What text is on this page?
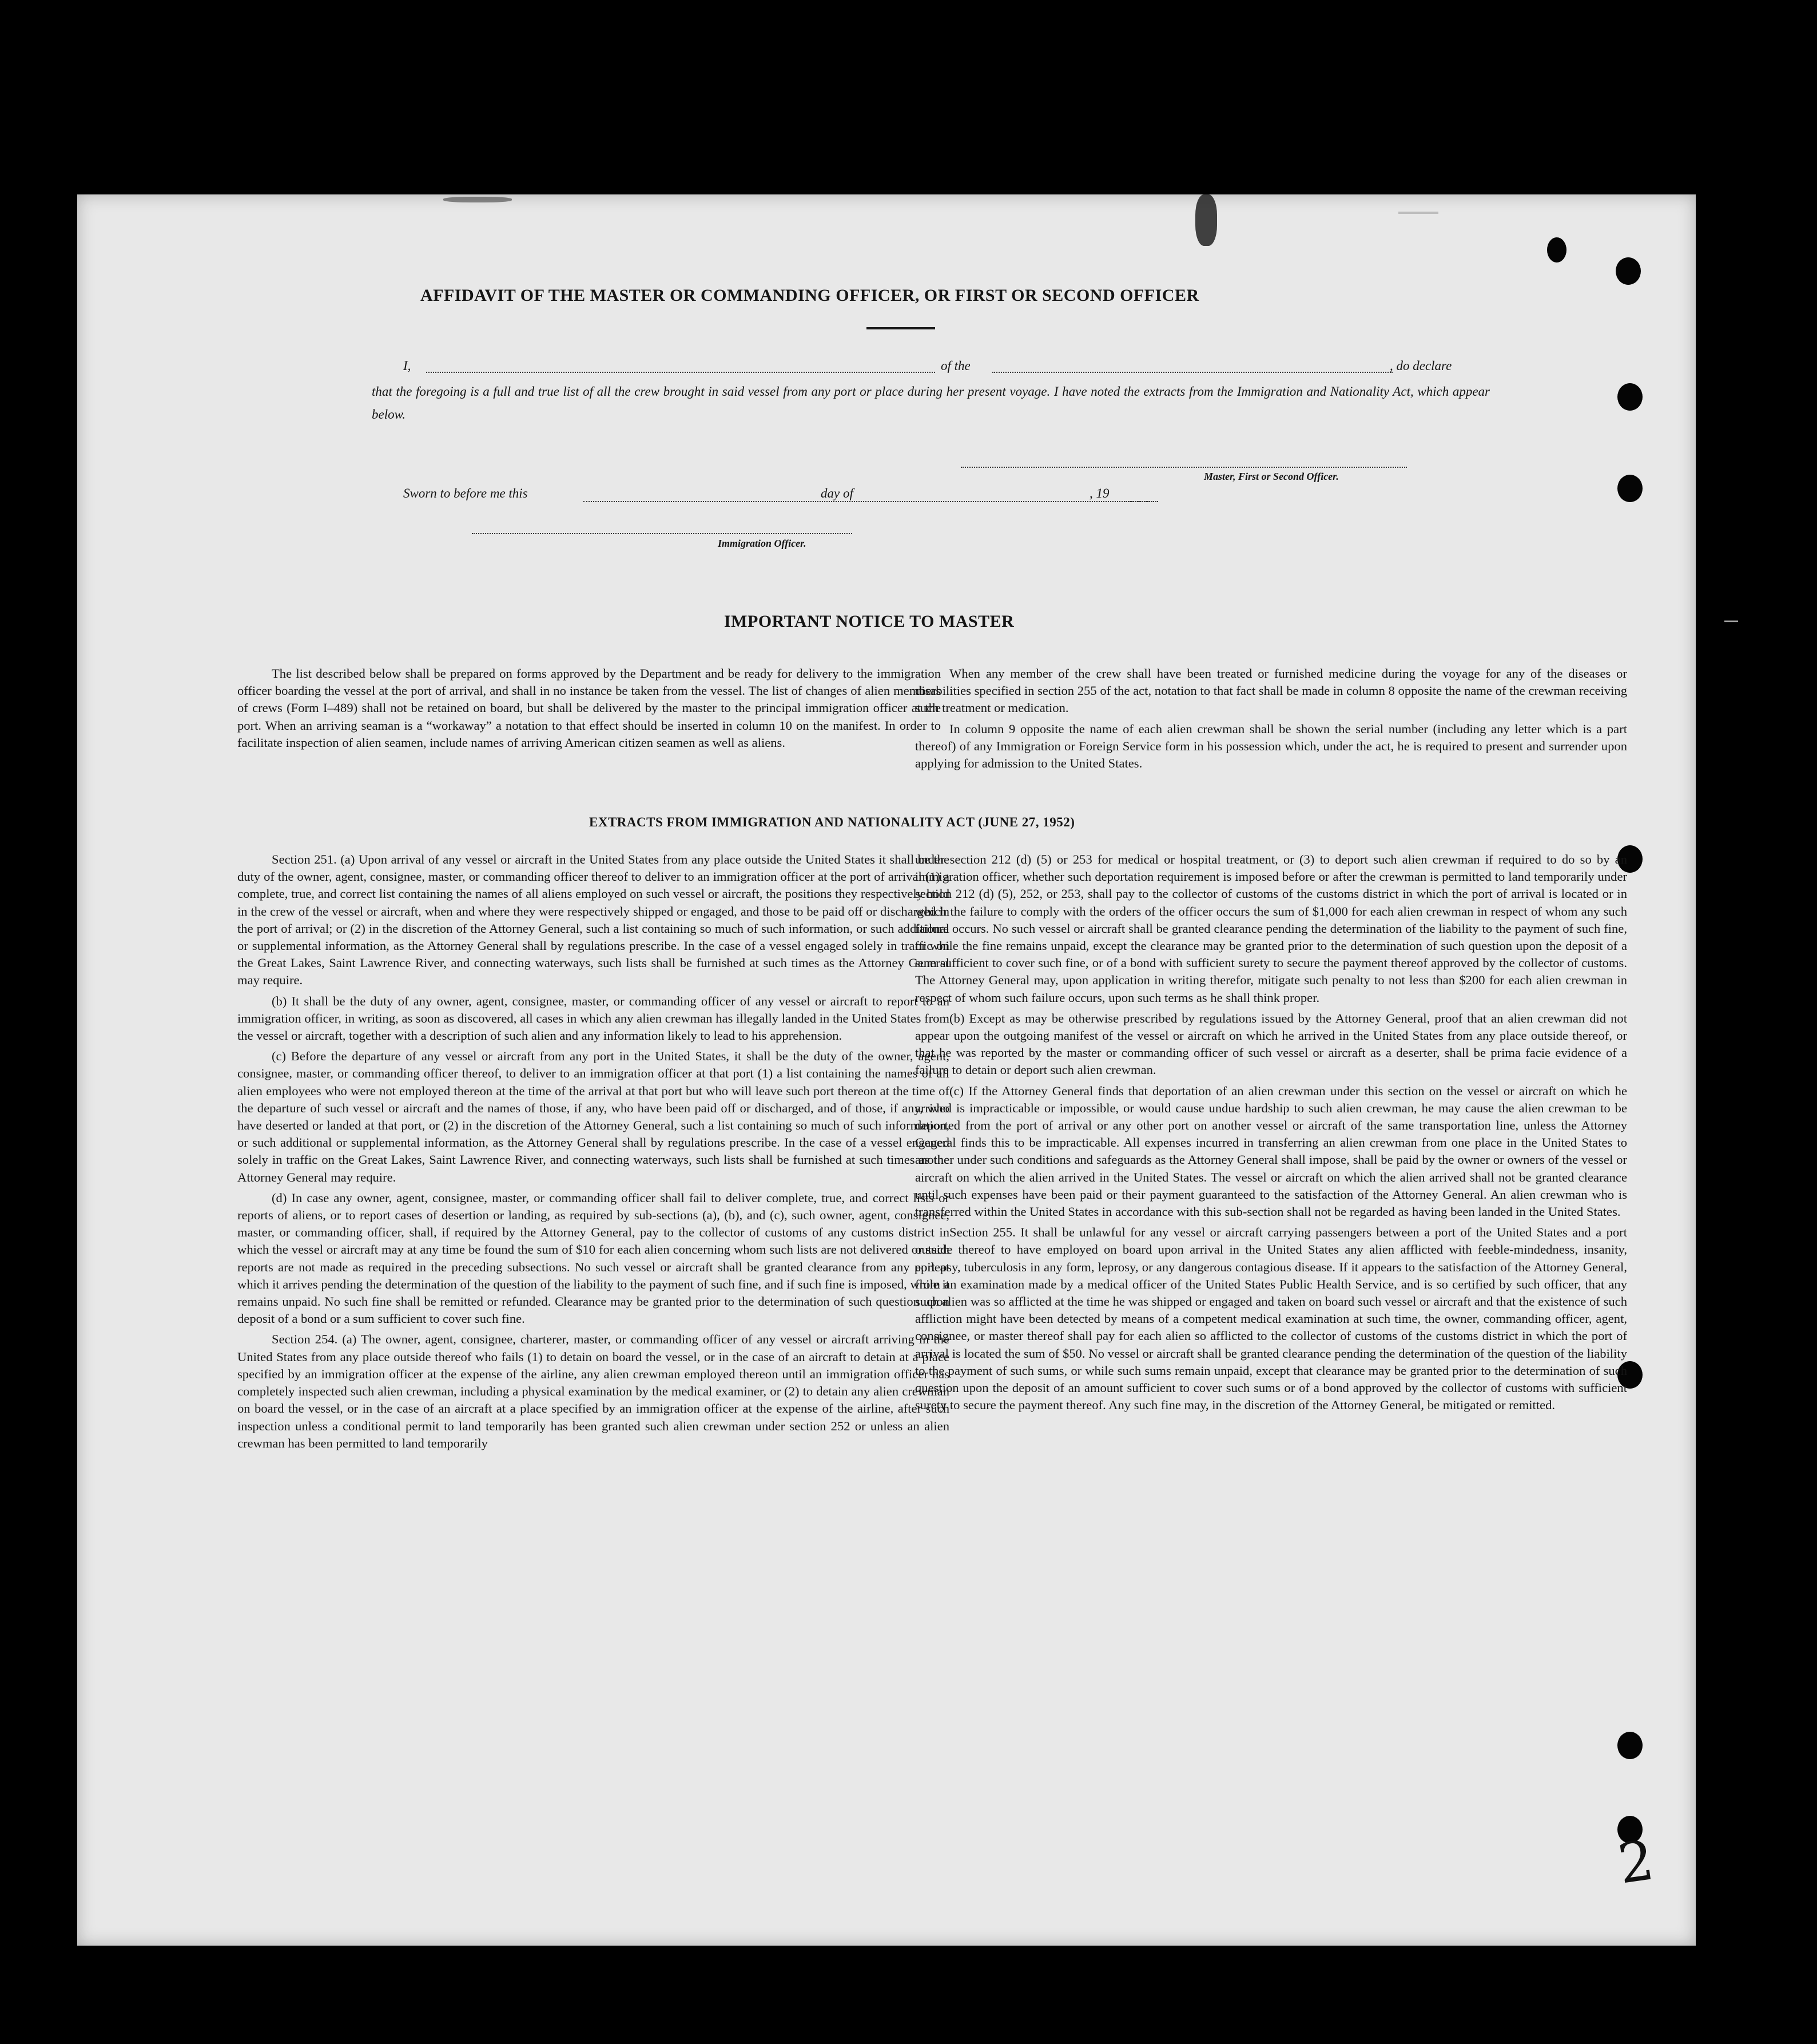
AFFIDAVIT OF THE MASTER OR COMMANDING OFFICER, OR FIRST OR SECOND OFFICER
I,	of the	, do declare
that the foregoing is a full and true list of all the crew brought in said vessel from any port or place during her present voyage. I have noted the extracts from the Immigration and Nationality Act, which appear below.
Master, First or Second Officer.
Sworn to before me this	day of	, 19
Immigration Officer.
IMPORTANT NOTICE TO MASTER

The list described below shall be prepared on forms approved by the Department and be ready for delivery to the immigration officer boarding the vessel at the port of arrival, and shall in no instance be taken from the vessel. The list of changes of alien members of crews (Form I–489) shall not be retained on board, but shall be delivered by the master to the principal immigration officer at the port. When an arriving seaman is a “workaway” a notation to that effect should be inserted in column 10 on the manifest. In order to facilitate inspection of alien seamen, include names of arriving American citizen seamen as well as aliens.

When any member of the crew shall have been treated or furnished medicine during the voyage for any of the diseases or disabilities specified in section 255 of the act, notation to that fact shall be made in column 8 opposite the name of the crewman receiving such treatment or medication.

In column 9 opposite the name of each alien crewman shall be shown the serial number (including any letter which is a part thereof) of any Immigration or Foreign Service form in his possession which, under the act, he is required to present and surrender upon applying for admission to the United States.

EXTRACTS FROM IMMIGRATION AND NATIONALITY ACT (JUNE 27, 1952)

Section 251. (a) Upon arrival of any vessel or aircraft in the United States from any place outside the United States it shall be the duty of the owner, agent, consignee, master, or commanding officer thereof to deliver to an immigration officer at the port of arrival (1) a complete, true, and correct list containing the names of all aliens employed on such vessel or aircraft, the positions they respectively hold in the crew of the vessel or aircraft, when and where they were respectively shipped or engaged, and those to be paid off or discharged in the port of arrival; or (2) in the discretion of the Attorney General, such a list containing so much of such information, or such additional or supplemental information, as the Attorney General shall by regulations prescribe. In the case of a vessel engaged solely in traffic on the Great Lakes, Saint Lawrence River, and connecting waterways, such lists shall be furnished at such times as the Attorney General may require.

(b) It shall be the duty of any owner, agent, consignee, master, or commanding officer of any vessel or aircraft to report to an immigration officer, in writing, as soon as discovered, all cases in which any alien crewman has illegally landed in the United States from the vessel or aircraft, together with a description of such alien and any information likely to lead to his apprehension.

(c) Before the departure of any vessel or aircraft from any port in the United States, it shall be the duty of the owner, agent, consignee, master, or commanding officer thereof, to deliver to an immigration officer at that port (1) a list containing the names of all alien employees who were not employed thereon at the time of the arrival at that port but who will leave such port thereon at the time of the departure of such vessel or aircraft and the names of those, if any, who have been paid off or discharged, and of those, if any, who have deserted or landed at that port, or (2) in the discretion of the Attorney General, such a list containing so much of such information, or such additional or supplemental information, as the Attorney General shall by regulations prescribe. In the case of a vessel engaged solely in traffic on the Great Lakes, Saint Lawrence River, and connecting waterways, such lists shall be furnished at such times as the Attorney General may require.

(d) In case any owner, agent, consignee, master, or commanding officer shall fail to deliver complete, true, and correct lists or reports of aliens, or to report cases of desertion or landing, as required by sub-sections (a), (b), and (c), such owner, agent, consignee, master, or commanding officer, shall, if required by the Attorney General, pay to the collector of customs of any customs district in which the vessel or aircraft may at any time be found the sum of $10 for each alien concerning whom such lists are not delivered or such reports are not made as required in the preceding subsections. No such vessel or aircraft shall be granted clearance from any port at which it arrives pending the determination of the question of the liability to the payment of such fine, and if such fine is imposed, while it remains unpaid. No such fine shall be remitted or refunded. Clearance may be granted prior to the determination of such question upon deposit of a bond or a sum sufficient to cover such fine.

Section 254. (a) The owner, agent, consignee, charterer, master, or commanding officer of any vessel or aircraft arriving in the United States from any place outside thereof who fails (1) to detain on board the vessel, or in the case of an aircraft to detain at a place specified by an immigration officer at the expense of the airline, any alien crewman employed thereon until an immigration officer has completely inspected such alien crewman, including a physical examination by the medical examiner, or (2) to detain any alien crewman on board the vessel, or in the case of an aircraft at a place specified by an immigration officer at the expense of the airline, after such inspection unless a conditional permit to land temporarily has been granted such alien crewman under section 252 or unless an alien crewman has been permitted to land temporarily

under section 212 (d) (5) or 253 for medical or hospital treatment, or (3) to deport such alien crewman if required to do so by an immigration officer, whether such deportation requirement is imposed before or after the crewman is permitted to land temporarily under section 212 (d) (5), 252, or 253, shall pay to the collector of customs of the customs district in which the port of arrival is located or in which the failure to comply with the orders of the officer occurs the sum of $1,000 for each alien crewman in respect of whom any such failure occurs. No such vessel or aircraft shall be granted clearance pending the determination of the liability to the payment of such fine, or while the fine remains unpaid, except the clearance may be granted prior to the determination of such question upon the deposit of a sum sufficient to cover such fine, or of a bond with sufficient surety to secure the payment thereof approved by the collector of customs. The Attorney General may, upon application in writing therefor, mitigate such penalty to not less than $200 for each alien crewman in respect of whom such failure occurs, upon such terms as he shall think proper.

(b) Except as may be otherwise prescribed by regulations issued by the Attorney General, proof that an alien crewman did not appear upon the outgoing manifest of the vessel or aircraft on which he arrived in the United States from any place outside thereof, or that he was reported by the master or commanding officer of such vessel or aircraft as a deserter, shall be prima facie evidence of a failure to detain or deport such alien crewman.

(c) If the Attorney General finds that deportation of an alien crewman under this section on the vessel or aircraft on which he arrived is impracticable or impossible, or would cause undue hardship to such alien crewman, he may cause the alien crewman to be deported from the port of arrival or any other port on another vessel or aircraft of the same transportation line, unless the Attorney General finds this to be impracticable. All expenses incurred in transferring an alien crewman from one place in the United States to another under such conditions and safeguards as the Attorney General shall impose, shall be paid by the owner or owners of the vessel or aircraft on which the alien arrived in the United States. The vessel or aircraft on which the alien arrived shall not be granted clearance until such expenses have been paid or their payment guaranteed to the satisfaction of the Attorney General. An alien crewman who is transferred within the United States in accordance with this sub-section shall not be regarded as having been landed in the United States.

Section 255. It shall be unlawful for any vessel or aircraft carrying passengers between a port of the United States and a port outside thereof to have employed on board upon arrival in the United States any alien afflicted with feeble-mindedness, insanity, epilepsy, tuberculosis in any form, leprosy, or any dangerous contagious disease. If it appears to the satisfaction of the Attorney General, from an examination made by a medical officer of the United States Public Health Service, and is so certified by such officer, that any such alien was so afflicted at the time he was shipped or engaged and taken on board such vessel or aircraft and that the existence of such affliction might have been detected by means of a competent medical examination at such time, the owner, commanding officer, agent, consignee, or master thereof shall pay for each alien so afflicted to the collector of customs of the customs district in which the port of arrival is located the sum of $50. No vessel or aircraft shall be granted clearance pending the determination of the question of the liability to the payment of such sums, or while such sums remain unpaid, except that clearance may be granted prior to the determination of such question upon the deposit of an amount sufficient to cover such sums or of a bond approved by the collector of customs with sufficient surety to secure the payment thereof. Any such fine may, in the discretion of the Attorney General, be mitigated or remitted.

2
